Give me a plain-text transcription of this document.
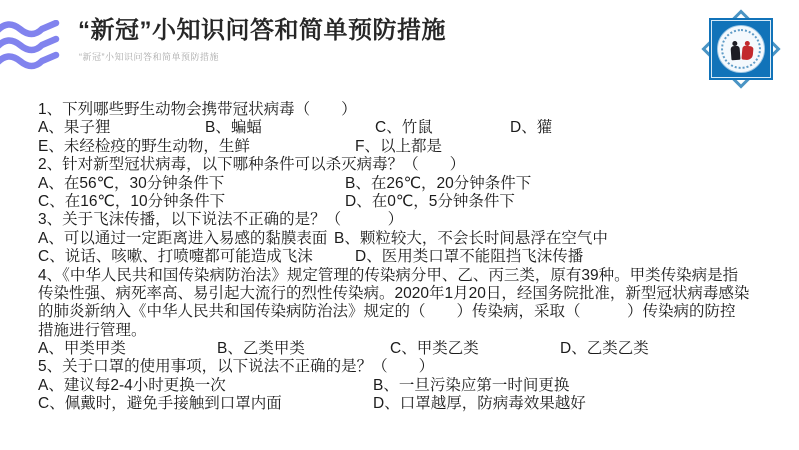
“新冠”小知识问答和简单预防措施
“新冠”小知识问答和简单预防措施
1、下列哪些野生动物会携带冠状病毒（　　）
A、果子狸	B、蝙蝠	C、竹鼠	D、獾
E、未经检疫的野生动物，生鲜	F、以上都是
2、针对新型冠状病毒，以下哪种条件可以杀灭病毒？（　　）
A、在56℃，30分钟条件下	B、在26℃，20分钟条件下
C、在16℃，10分钟条件下	D、在0℃，5分钟条件下
3、关于飞沫传播，以下说法不正确的是？（　　　）
A、可以通过一定距离进入易感的黏膜表面 B、颗粒较大，不会长时间悬浮在空气中
C、说话、咳嗽、打喷嚏都可能造成飞沫	D、医用类口罩不能阻挡飞沫传播
4、《中华人民共和国传染病防治法》规定管理的传染病分甲、乙、丙三类，原有39种。甲类传染病是指
传染性强、病死率高、易引起大流行的烈性传染病。2020年1月20日，经国务院批准，新型冠状病毒感染
的肺炎新纳入《中华人民共和国传染病防治法》规定的（　　）传染病，采取（　　　）传染病的防控
措施进行管理。
A、甲类甲类	B、乙类甲类	C、甲类乙类	D、乙类乙类
5、关于口罩的使用事项，以下说法不正确的是？（　　）
A、建议每2-4小时更换一次	B、一旦污染应第一时间更换
C、佩戴时，避免手接触到口罩内面	D、口罩越厚，防病毒效果越好
